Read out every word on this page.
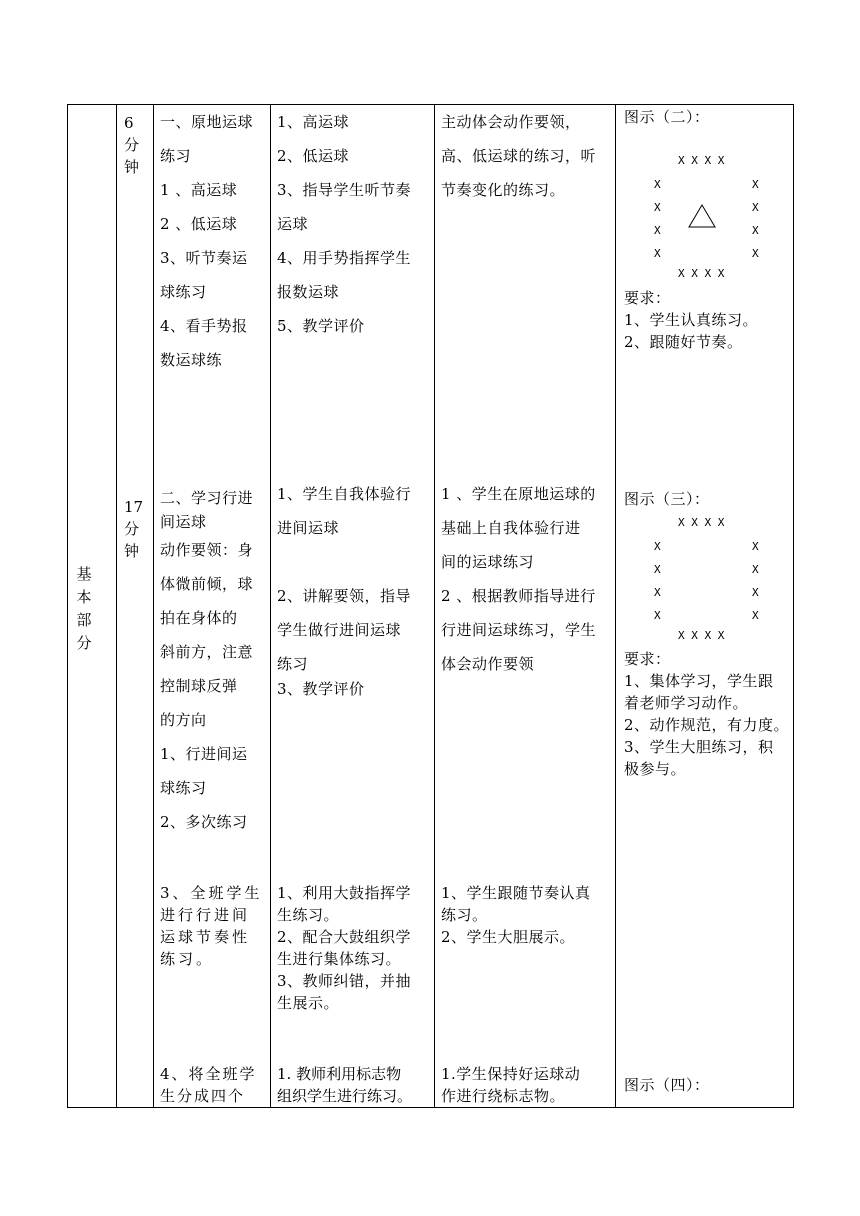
基
本
部
分
6
分
钟
一、原地运球
练习
1 、高运球
2 、低运球
3、听节奏运
球练习
4、看手势报
数运球练
1、高运球
2、低运球
3、指导学生听节奏
运球
4、用手势指挥学生
报数运球
5、教学评价
主动体会动作要领，
高、低运球的练习，听
节奏变化的练习。
图示（二）：
X X X X
X
X
X
X
X
X
X
X
X X X X
要求：
1、学生认真练习。
2、跟随好节奏。
17
分
钟
二、学习行进
间运球
动作要领：身
体微前倾，球
拍在身体的
斜前方，注意
控制球反弹
的方向
1、行进间运
球练习
2、多次练习
1、学生自我体验行
进间运球
2、讲解要领，指导
学生做行进间运球
练习
3、教学评价
1 、学生在原地运球的
基础上自我体验行进
间的运球练习
2 、根据教师指导进行
行进间运球练习，学生
体会动作要领
图示（三）：
X X X X
X
X
X
X
X
X
X
X
X X X X
要求：
1、集体学习，学生跟
着老师学习动作。
2、动作规范，有力度。
3、学生大胆练习，积
极参与。
3、全班学生
进行行进间
运球节奏性
练习。
1、利用大鼓指挥学
生练习。
2、配合大鼓组织学
生进行集体练习。
3、教师纠错，并抽
生展示。
1、学生跟随节奏认真
练习。
2、学生大胆展示。
4、将全班学
生分成四个
1. 教师利用标志物
组织学生进行练习。
1.学生保持好运球动
作进行绕标志物。
图示（四）：
